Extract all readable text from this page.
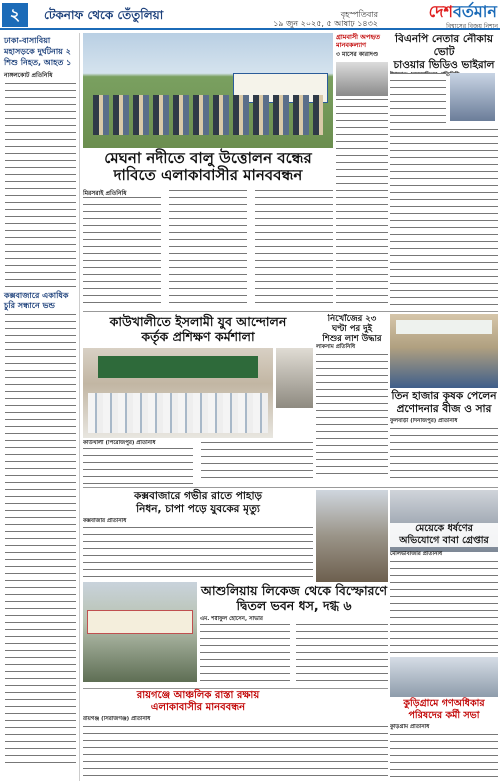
২	টেকনাফ থেকে তেঁতুলিয়া	বৃহস্পতিবার
১৯ জুন ২০২৫, ৫ আষাঢ় ১৪৩২
দেশবর্তমান
বিশ্বাসের বিজয় নিশান
ঢাকা-বাসাবিয়া মহাসড়কে দুর্ঘটনায় ২ শিশু নিহত, আহত ১
নাঙ্গলকোট প্রতিনিধি
কক্সবাজারে একাধিক চুরি সন্ধানে ভন্ড
মেঘনা নদীতে বালু উত্তোলন বন্ধের
দাবিতে এলাকাবাসীর মানববন্ধন
মিরসরাই প্রতিনিধি
গ্রামবাসী অপহৃত
মানবকল্যাণ
৩ মাসের কারাদণ্ড
বিএনপি নেতার নৌকায় ভোট
চাওয়ার ভিডিও ভাইরাল
কাউখালীতে ইসলামী যুব আন্দোলন
কর্তৃক প্রশিক্ষণ কর্মশালা
কাউখালী (পিরোজপুর) প্রতিনিধি
নিখোঁজের ২৩
ঘণ্টা পর দুই
শিশুর লাশ উদ্ধার
লাকসাম প্রতিনিধি
তিন হাজার কৃষক পেলেন
প্রণোদনার বীজ ও সার
ফুলবাড়ী (দিনাজপুর) প্রতিনিধি
কক্সবাজারে গভীর রাতে পাহাড়
নিধন, চাপা পড়ে যুবকের মৃত্যু
কক্সবাজার প্রতিনিধি
মেয়েকে ধর্ষণের
অভিযোগে বাবা গ্রেপ্তার
মৌলভীবাজার প্রতিনিধি
আশুলিয়ায় লিকেজ থেকে বিস্ফোরণে
দ্বিতল ভবন ধস, দগ্ধ ৬
এম. শরীফুল হোসেন, সাভার
রায়গঞ্জে আঞ্চলিক রাস্তা রক্ষায়
এলাকাবাসীর মানববন্ধন
রায়গঞ্জ (সিরাজগঞ্জ) প্রতিনিধি
কুড়িগ্রামে গণঅধিকার
পরিষদের কর্মী সভা
কুড়িগ্রাম প্রতিনিধি
